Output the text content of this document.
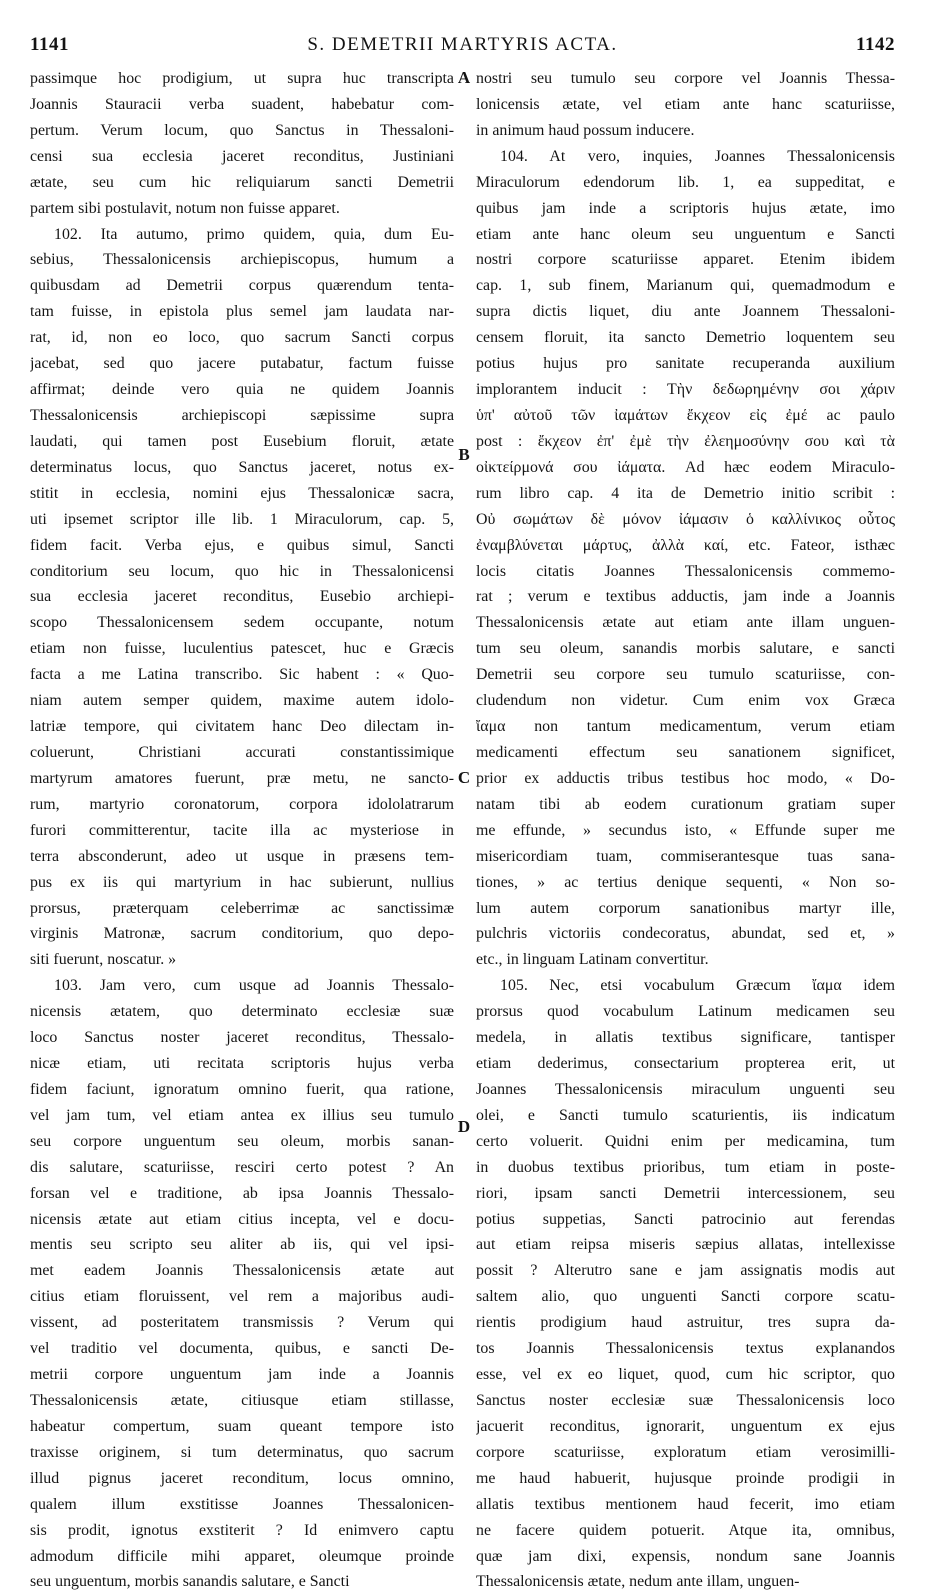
1141	S. DEMETRII MARTYRIS ACTA.	1142
passimque hoc prodigium, ut supra huc transcripta
Joannis Stauracii verba suadent, habebatur com-
pertum. Verum locum, quo Sanctus in Thessaloni-
censi sua ecclesia jaceret reconditus, Justiniani
ætate, seu cum hic reliquiarum sancti Demetrii
partem sibi postulavit, notum non fuisse apparet.
102. Ita autumo, primo quidem, quia, dum Eu-
sebius, Thessalonicensis archiepiscopus, humum a
quibusdam ad Demetrii corpus quærendum tenta-
tam fuisse, in epistola plus semel jam laudata nar-
rat, id, non eo loco, quo sacrum Sancti corpus
jacebat, sed quo jacere putabatur, factum fuisse
affirmat; deinde vero quia ne quidem Joannis
Thessalonicensis archiepiscopi sæpissime supra
laudati, qui tamen post Eusebium floruit, ætate
determinatus locus, quo Sanctus jaceret, notus ex-
stitit in ecclesia, nomini ejus Thessalonicæ sacra,
uti ipsemet scriptor ille lib. 1 Miraculorum, cap. 5,
fidem facit. Verba ejus, e quibus simul, Sancti
conditorium seu locum, quo hic in Thessalonicensi
sua ecclesia jaceret reconditus, Eusebio archiepi-
scopo Thessalonicensem sedem occupante, notum
etiam non fuisse, luculentius patescet, huc e Græcis
facta a me Latina transcribo. Sic habent : « Quo-
niam autem semper quidem, maxime autem idolo-
latriæ tempore, qui civitatem hanc Deo dilectam in-
coluerunt, Christiani accurati constantissimique
martyrum amatores fuerunt, præ metu, ne sancto-
rum, martyrio coronatorum, corpora idololatrarum
furori committerentur, tacite illa ac mysteriose in
terra absconderunt, adeo ut usque in præsens tem-
pus ex iis qui martyrium in hac subierunt, nullius
prorsus, præterquam celeberrimæ ac sanctissimæ
virginis Matronæ, sacrum conditorium, quo depo-
siti fuerunt, noscatur. »
103. Jam vero, cum usque ad Joannis Thessalo-
nicensis ætatem, quo determinato ecclesiæ suæ
loco Sanctus noster jaceret reconditus, Thessalo-
nicæ etiam, uti recitata scriptoris hujus verba
fidem faciunt, ignoratum omnino fuerit, qua ratione,
vel jam tum, vel etiam antea ex illius seu tumulo
seu corpore unguentum seu oleum, morbis sanan-
dis salutare, scaturiisse, resciri certo potest ? An
forsan vel e traditione, ab ipsa Joannis Thessalo-
nicensis ætate aut etiam citius incepta, vel e docu-
mentis seu scripto seu aliter ab iis, qui vel ipsi-
met eadem Joannis Thessalonicensis ætate aut
citius etiam floruissent, vel rem a majoribus audi-
vissent, ad posteritatem transmissis ? Verum qui
vel traditio vel documenta, quibus, e sancti De-
metrii corpore unguentum jam inde a Joannis
Thessalonicensis ætate, citiusque etiam stillasse,
habeatur compertum, suam queant tempore isto
traxisse originem, si tum determinatus, quo sacrum
illud pignus jaceret reconditum, locus omnino,
qualem illum exstitisse Joannes Thessalonicen-
sis prodit, ignotus exstiterit ? Id enimvero captu
admodum difficile mihi apparet, oleumque proinde
seu unguentum, morbis sanandis salutare, e Sancti
nostri seu tumulo seu corpore vel Joannis Thessa-
lonicensis ætate, vel etiam ante hanc scaturiisse,
in animum haud possum inducere.
104. At vero, inquies, Joannes Thessalonicensis
Miraculorum edendorum lib. 1, ea suppeditat, e
quibus jam inde a scriptoris hujus ætate, imo
etiam ante hanc oleum seu unguentum e Sancti
nostri corpore scaturiisse apparet. Etenim ibidem
cap. 1, sub finem, Marianum qui, quemadmodum e
supra dictis liquet, diu ante Joannem Thessaloni-
censem floruit, ita sancto Demetrio loquentem seu
potius hujus pro sanitate recuperanda auxilium
implorantem inducit : Τὴν δεδωρημένην σοι χάριν
ὑπ' αὐτοῦ τῶν ἰαμάτων ἔκχεον εἰς ἐμέ ac paulo
post : ἔκχεον ἐπ' ἐμὲ τὴν ἐλεημοσύνην σου καὶ τὰ
οἰκτείρμονά σου ἰάματα. Ad hæc eodem Miraculo-
rum libro cap. 4 ita de Demetrio initio scribit :
Οὐ σωμάτων δὲ μόνον ἰάμασιν ὁ καλλίνικος οὗτος
ἐναμβλύνεται μάρτυς, ἀλλὰ καί, etc. Fateor, isthæc
locis citatis Joannes Thessalonicensis commemo-
rat ; verum e textibus adductis, jam inde a Joannis
Thessalonicensis ætate aut etiam ante illam unguen-
tum seu oleum, sanandis morbis salutare, e sancti
Demetrii seu corpore seu tumulo scaturiisse, con-
cludendum non videtur. Cum enim vox Græca
ἴαμα non tantum medicamentum, verum etiam
medicamenti effectum seu sanationem significet,
prior ex adductis tribus testibus hoc modo, « Do-
natam tibi ab eodem curationum gratiam super
me effunde, » secundus isto, « Effunde super me
misericordiam tuam, commiserantesque tuas sana-
tiones, » ac tertius denique sequenti, « Non so-
lum autem corporum sanationibus martyr ille,
pulchris victoriis condecoratus, abundat, sed et, »
etc., in linguam Latinam convertitur.
105. Nec, etsi vocabulum Græcum ἴαμα idem
prorsus quod vocabulum Latinum medicamen seu
medela, in allatis textibus significare, tantisper
etiam dederimus, consectarium propterea erit, ut
Joannes Thessalonicensis miraculum unguenti seu
olei, e Sancti tumulo scaturientis, iis indicatum
certo voluerit. Quidni enim per medicamina, tum
in duobus textibus prioribus, tum etiam in poste-
riori, ipsam sancti Demetrii intercessionem, seu
potius suppetias, Sancti patrocinio aut ferendas
aut etiam reipsa miseris sæpius allatas, intellexisse
possit ? Alterutro sane e jam assignatis modis aut
saltem alio, quo unguenti Sancti corpore scatu-
rientis prodigium haud astruitur, tres supra da-
tos Joannis Thessalonicensis textus explanandos
esse, vel ex eo liquet, quod, cum hic scriptor, quo
Sanctus noster ecclesiæ suæ Thessalonicensis loco
jacuerit reconditus, ignorarit, unguentum ex ejus
corpore scaturiisse, exploratum etiam verosimilli-
me haud habuerit, hujusque proinde prodigii in
allatis textibus mentionem haud fecerit, imo etiam
ne facere quidem potuerit. Atque ita, omnibus,
quæ jam dixi, expensis, nondum sane Joannis
Thessalonicensis ætate, nedum ante illam, unguen-
A
B
C
D
